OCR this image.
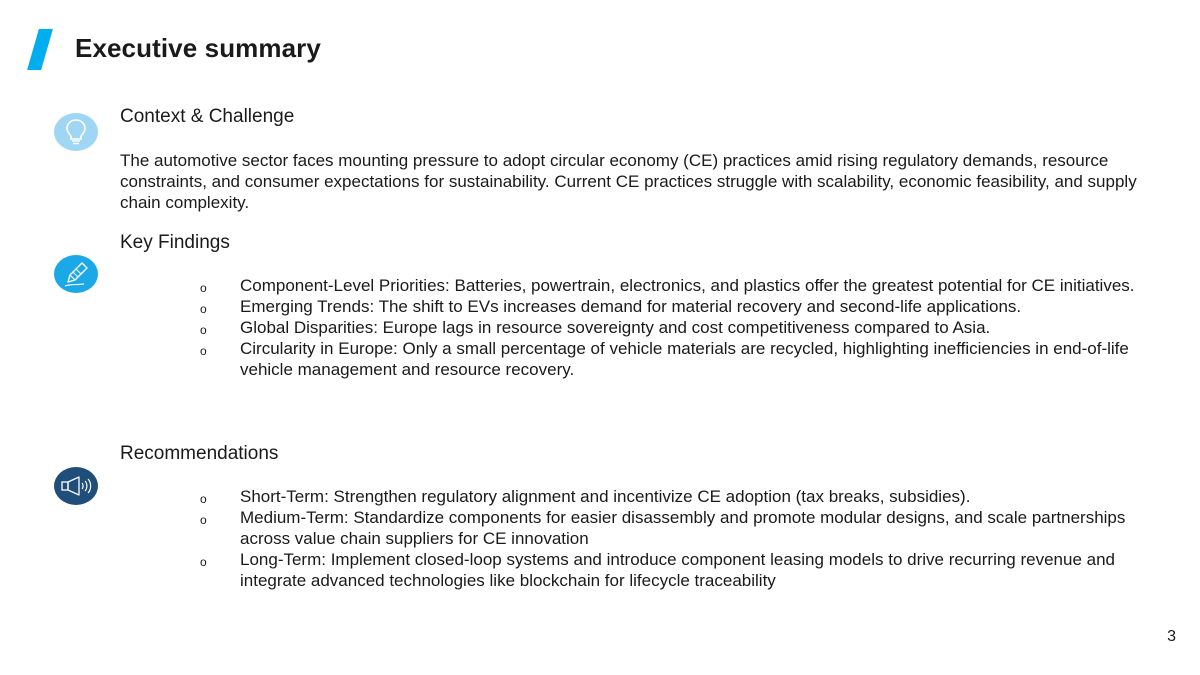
Executive summary
Context & Challenge
The automotive sector faces mounting pressure to adopt circular economy (CE) practices amid rising regulatory demands, resource constraints, and consumer expectations for sustainability. Current CE practices struggle with scalability, economic feasibility, and supply chain complexity.
Key Findings
o	Component-Level Priorities: Batteries, powertrain, electronics, and plastics offer the greatest potential for CE initiatives.
o	Emerging Trends: The shift to EVs increases demand for material recovery and second-life applications.
o	Global Disparities: Europe lags in resource sovereignty and cost competitiveness compared to Asia.
o	Circularity in Europe: Only a small percentage of vehicle materials are recycled, highlighting inefficiencies in end-of-life vehicle management and resource recovery.
Recommendations
o	Short-Term: Strengthen regulatory alignment and incentivize CE adoption (tax breaks, subsidies).
o	Medium-Term: Standardize components for easier disassembly and promote modular designs, and scale partnerships across value chain suppliers for CE innovation
o	Long-Term: Implement closed-loop systems and introduce component leasing models to drive recurring revenue and integrate advanced technologies like blockchain for lifecycle traceability
3
